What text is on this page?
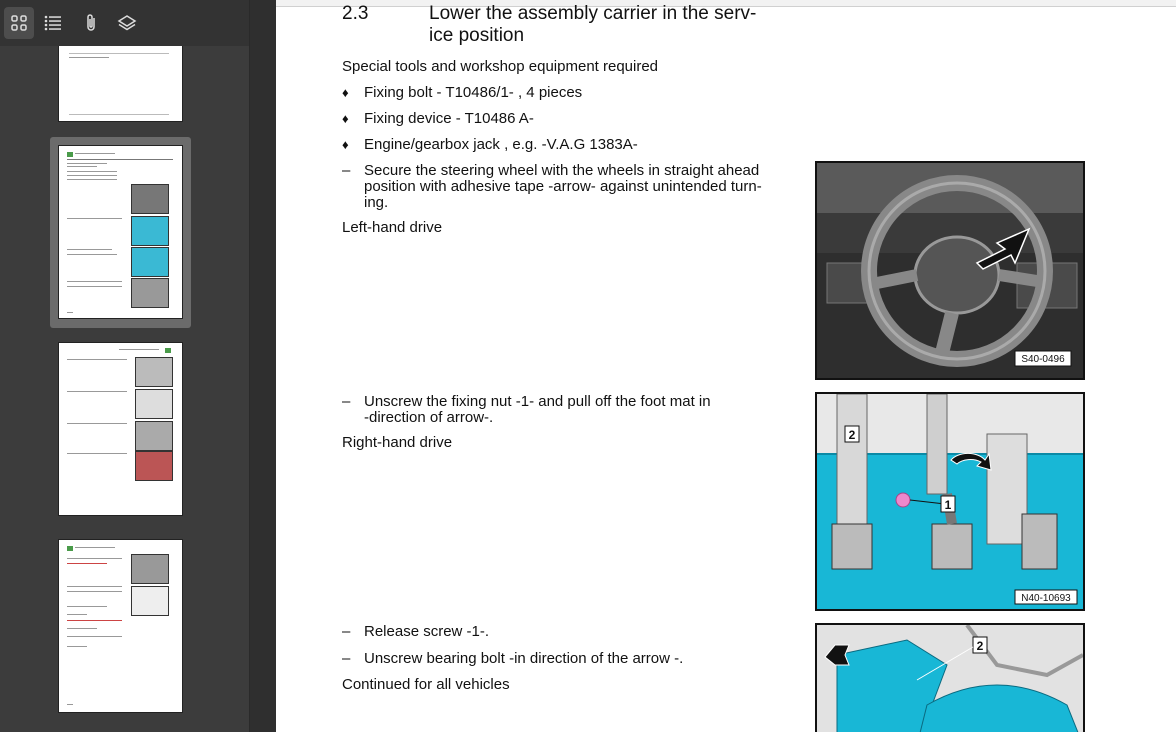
2.3	Lower the assembly carrier in the serv-
ice position
Special tools and workshop equipment required
♦ Fixing bolt - T10486/1- , 4 pieces
♦ Fixing device - T10486 A-
♦ Engine/gearbox jack , e.g. -V.A.G 1383A-
– Secure the steering wheel with the wheels in straight ahead
position with adhesive tape -arrow- against unintended turn-
ing.
Left-hand drive
– Unscrew the fixing nut -1- and pull off the foot mat in
-direction of arrow-.
Right-hand drive
– Release screw -1-.
– Unscrew bearing bolt -in direction of the arrow -.
Continued for all vehicles
S40-0496
1
2
N40-10693
2
